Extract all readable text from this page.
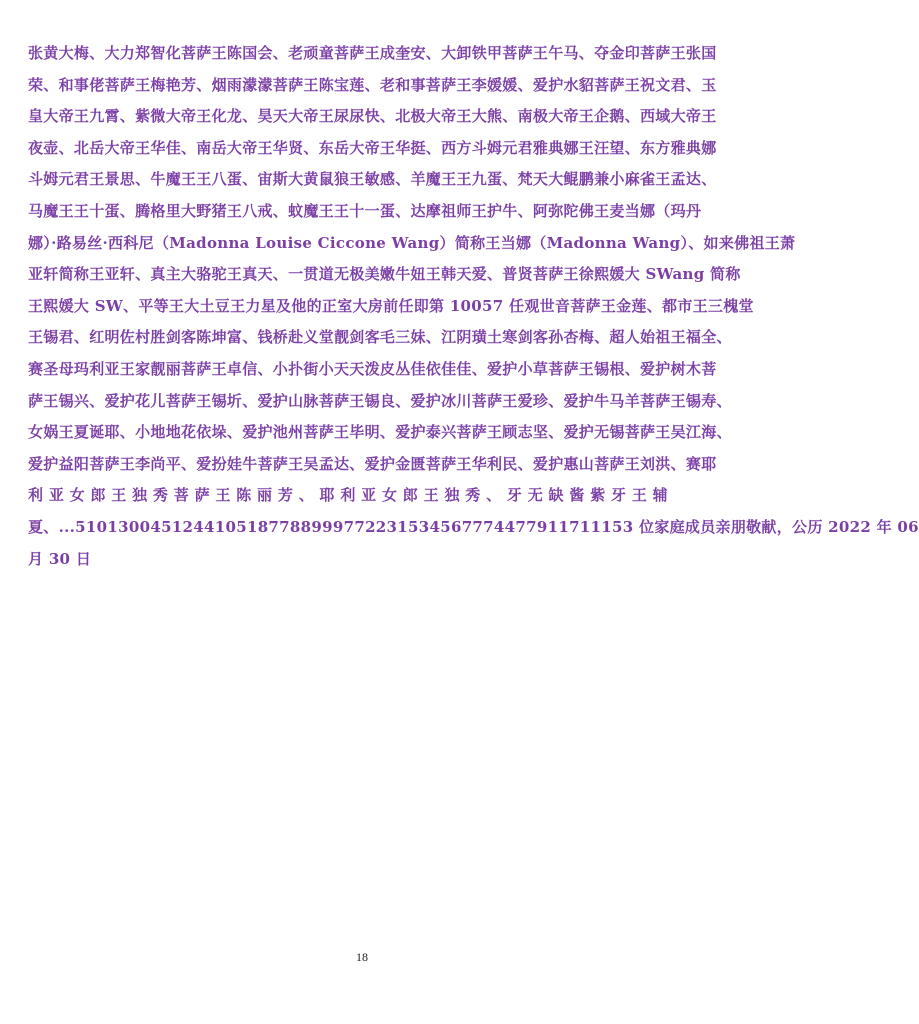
张黄大梅、大力郑智化菩萨王陈国会、老顽童菩萨王成奎安、大卸铁甲菩萨王午马、夺金印菩萨王张国
荣、和事佬菩萨王梅艳芳、烟雨濛濛菩萨王陈宝莲、老和事菩萨王李媛媛、爱护水貂菩萨王祝文君、玉
皇大帝王九霄、紫微大帝王化龙、昊天大帝王尿尿快、北极大帝王大熊、南极大帝王企鹅、西域大帝王
夜壶、北岳大帝王华佳、南岳大帝王华贤、东岳大帝王华挺、西方斗姆元君雅典娜王汪望、东方雅典娜
斗姆元君王景思、牛魔王王八蛋、宙斯大黄鼠狼王敏感、羊魔王王九蛋、梵天大鲲鹏兼小麻雀王孟达、
马魔王王十蛋、腾格里大野猪王八戒、蚊魔王王十一蛋、达摩祖师王护牛、阿弥陀佛王麦当娜（玛丹
娜）·路易丝·西科尼（Madonna Louise Ciccone Wang）简称王当娜（Madonna Wang）、如来佛祖王萧
亚轩简称王亚轩、真主大骆驼王真天、一贯道无极美嫩牛妞王韩天爱、普贤菩萨王徐熙媛大 SWang 简称
王熙媛大 SW、平等王大土豆王力星及他的正室大房前任即第 10057 任观世音菩萨王金莲、都市王三槐堂
王锡君、红明佐村胜剑客陈坤富、钱桥赴义堂靓剑客毛三妹、江阴璜土寒剑客孙杏梅、超人始祖王福全、
赛圣母玛利亚王家靓丽菩萨王卓信、小扑街小天天泼皮丛佳依佳佳、爱护小草菩萨王锡根、爱护树木菩
萨王锡兴、爱护花儿菩萨王锡圻、爱护山脉菩萨王锡良、爱护冰川菩萨王爱珍、爱护牛马羊菩萨王锡寿、
女娲王夏诞耶、小地地花依垛、爱护池州菩萨王毕明、爱护泰兴菩萨王顾志坚、爱护无锡菩萨王吴江海、
爱护益阳菩萨王李尚平、爱扮娃牛菩萨王吴孟达、爱护金匮菩萨王华利民、爱护惠山菩萨王刘洪、赛耶
利 亚 女 郎 王 独 秀 菩 萨 王 陈 丽 芳 、 耶 利 亚 女 郎 王 独 秀 、 牙 无 缺 酱 紫 牙 王 辅
夏、...5101300451244105187788999772231534567774477911711153 位家庭成员亲朋敬献，公历 2022 年 06
月 30 日
18
